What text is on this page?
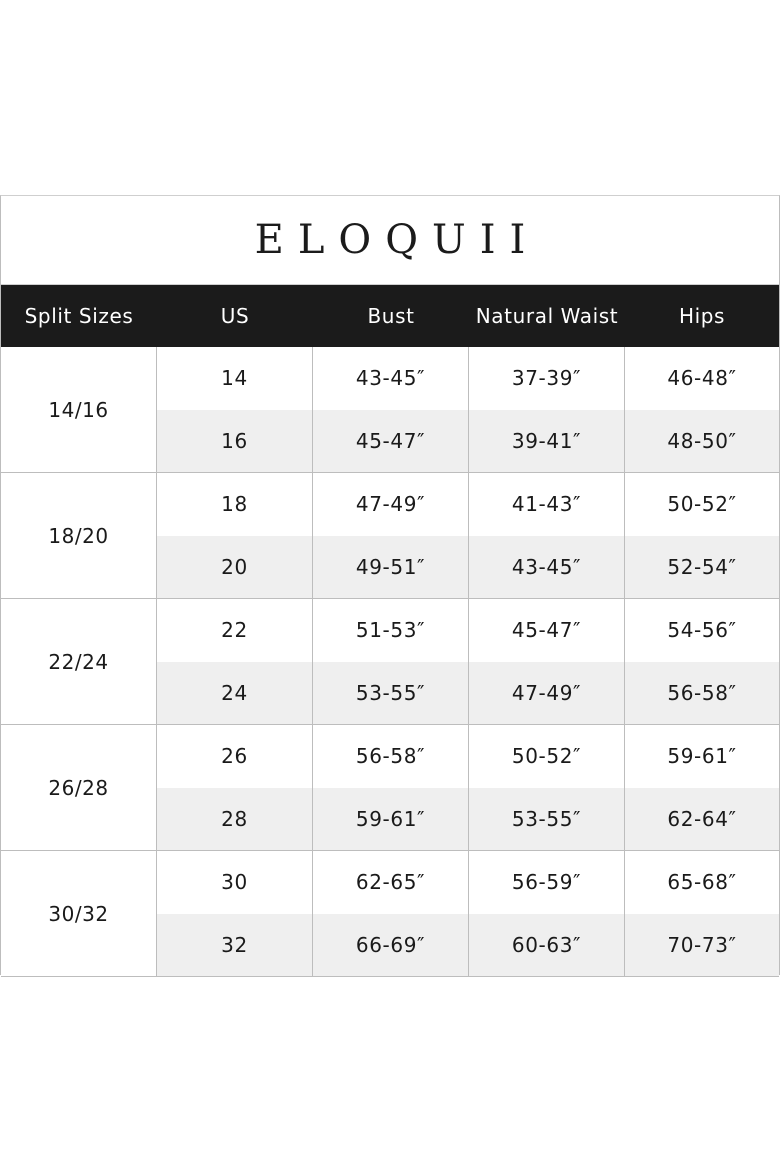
ELOQUII
Split Sizes	US	Bust	Natural Waist	Hips
14/16
14	43-45″	37-39″	46-48″
16	45-47″	39-41″	48-50″
18/20
18	47-49″	41-43″	50-52″
20	49-51″	43-45″	52-54″
22/24
22	51-53″	45-47″	54-56″
24	53-55″	47-49″	56-58″
26/28
26	56-58″	50-52″	59-61″
28	59-61″	53-55″	62-64″
30/32
30	62-65″	56-59″	65-68″
32	66-69″	60-63″	70-73″
